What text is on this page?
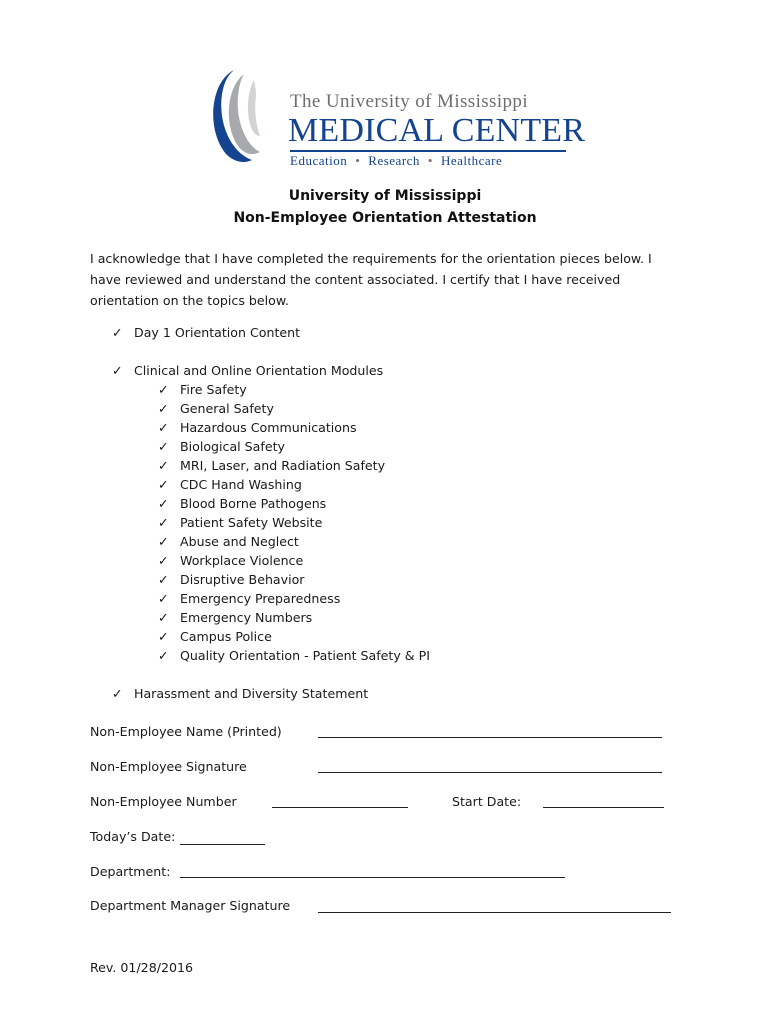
The University of Mississippi
MEDICAL CENTER
Education • Research • Healthcare
University of Mississippi
Non-Employee Orientation Attestation
I acknowledge that I have completed the requirements for the orientation pieces below. I have reviewed and understand the content associated. I certify that I have received orientation on the topics below.
✓ Day 1 Orientation Content
✓ Clinical and Online Orientation Modules
✓ Fire Safety
✓ General Safety
✓ Hazardous Communications
✓ Biological Safety
✓ MRI, Laser, and Radiation Safety
✓ CDC Hand Washing
✓ Blood Borne Pathogens
✓ Patient Safety Website
✓ Abuse and Neglect
✓ Workplace Violence
✓ Disruptive Behavior
✓ Emergency Preparedness
✓ Emergency Numbers
✓ Campus Police
✓ Quality Orientation - Patient Safety & PI
✓ Harassment and Diversity Statement
Non-Employee Name (Printed)
Non-Employee Signature
Non-Employee Number	Start Date:
Today’s Date:
Department:
Department Manager Signature
Rev. 01/28/2016
